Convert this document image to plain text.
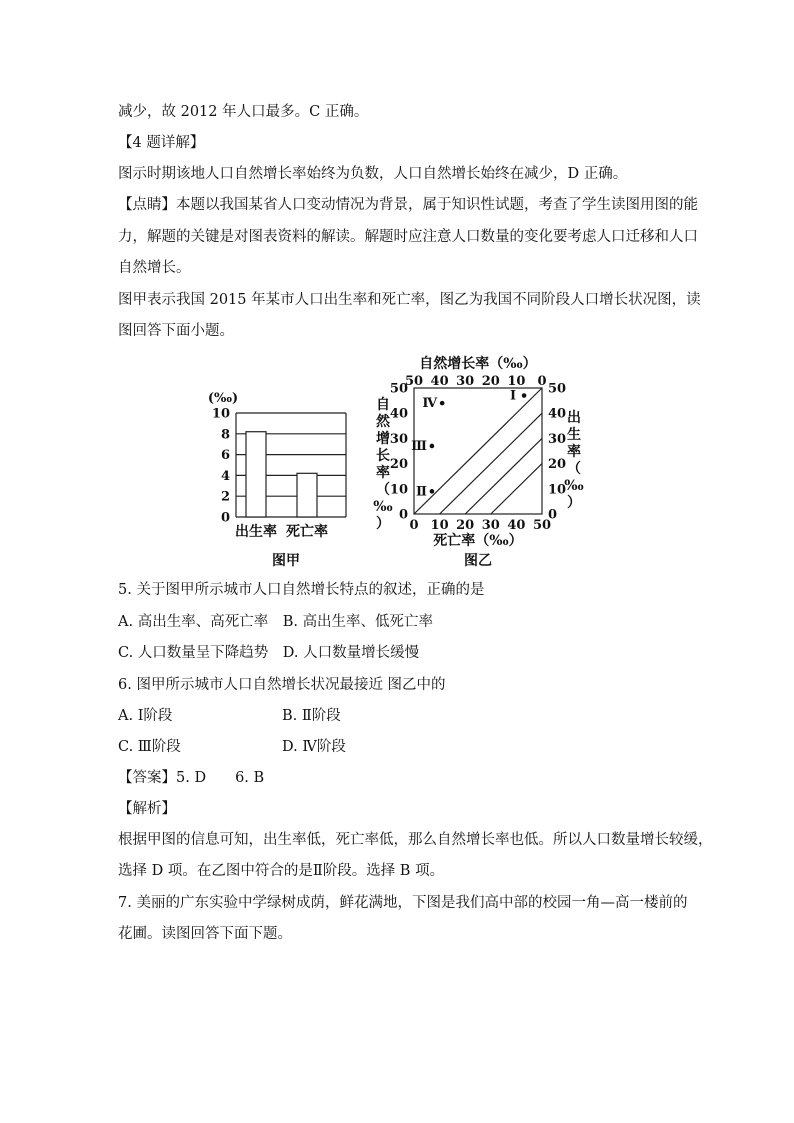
减少，故 2012 年人口最多。C 正确。
【4 题详解】
图示时期该地人口自然增长率始终为负数，人口自然增长始终在减少，D 正确。
【点睛】本题以我国某省人口变动情况为背景，属于知识性试题，考查了学生读图用图的能
力，解题的关键是对图表资料的解读。解题时应注意人口数量的变化要考虑人口迁移和人口
自然增长。
图甲表示我国 2015 年某市人口出生率和死亡率，图乙为我国不同阶段人口增长状况图，读
图回答下面小题。
0
2
4
6
8
10
(‰)
出生率 死亡率
图甲
0 10 20 30 40 50
0
10
20
30
40
50
0
10
20
30
40
50
50 40 30 20 10 0
自然增长率（‰）
死亡率（‰）
自
然
增
长
率
（
‰
）
出
生
率
（
‰
）
Ⅰ
Ⅱ
Ⅲ
Ⅳ
图乙
5. 关于图甲所示城市人口自然增长特点的叙述，正确的是
A. 高出生率、高死亡率　B. 高出生率、低死亡率
C. 人口数量呈下降趋势　D. 人口数量增长缓慢
6. 图甲所示城市人口自然增长状况最接近 图乙中的
A. Ⅰ阶段	B. Ⅱ阶段
C. Ⅲ阶段	D. Ⅳ阶段
【答案】5. D　　6. B
【解析】
根据甲图的信息可知，出生率低，死亡率低，那么自然增长率也低。所以人口数量增长较缓，
选择 D 项。在乙图中符合的是Ⅱ阶段。选择 B 项。
7. 美丽的广东实验中学绿树成荫，鲜花满地，下图是我们高中部的校园一角—高一楼前的
花圃。读图回答下面下题。
